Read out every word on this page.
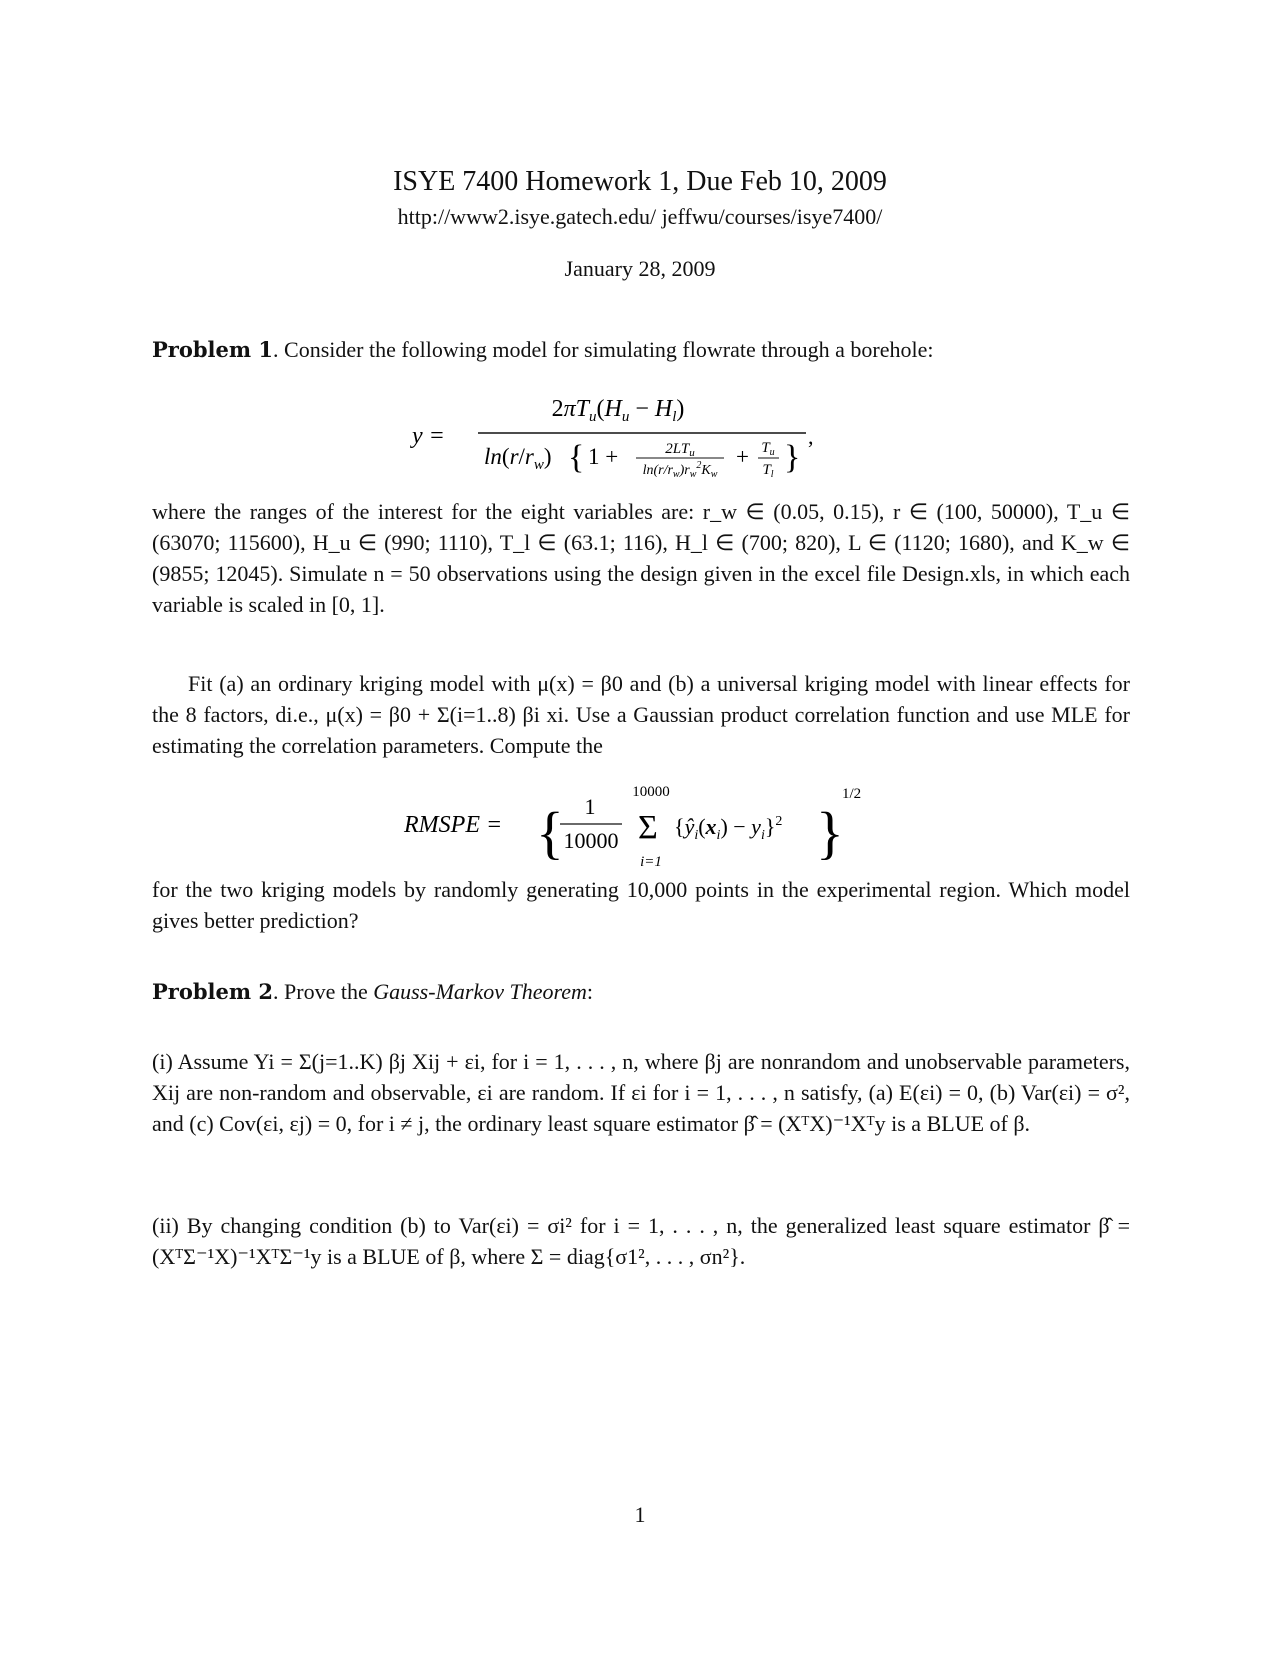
ISYE 7400 Homework 1, Due Feb 10, 2009
http://www2.isye.gatech.edu/ jeffwu/courses/isye7400/
January 28, 2009

Problem 1. Consider the following model for simulating flowrate through a borehole:

y =
$2\pi T_u(H_u - H_l)$
$\ln(r/r_w)$ { 1 +	$2LT_u$
$\ln(r/r_w)r_w^2K_w$
+ $T_u$
$T_l$ }
,

where the ranges of the interest for the eight variables are: r_w ∈ (0.05, 0.15), r ∈ (100, 50000), T_u ∈ (63070; 115600), H_u ∈ (990; 1110), T_l ∈ (63.1; 116), H_l ∈ (700; 820), L ∈ (1120; 1680), and K_w ∈ (9855; 12045). Simulate n = 50 observations using the design given in the excel file Design.xls, in which each variable is scaled in [0, 1].

Fit (a) an ordinary kriging model with μ(x) = β0 and (b) a universal kriging model with linear effects for the 8 factors, di.e., μ(x) = β0 + Σ(i=1..8) βi xi. Use a Gaussian product correlation function and use MLE for estimating the correlation parameters. Compute the

RMSPE = { 1
10000
10000
Σ
i=1
$\{ŷ_i(x_i) - y_i\}^2$ }
1/2

for the two kriging models by randomly generating 10,000 points in the experimental region. Which model gives better prediction?

Problem 2. Prove the Gauss-Markov Theorem:

(i) Assume Yi = Σ(j=1..K) βj Xij + εi, for i = 1, . . . , n, where βj are nonrandom and unobservable parameters, Xij are non-random and observable, εi are random. If εi for i = 1, . . . , n satisfy, (a) E(εi) = 0, (b) Var(εi) = σ², and (c) Cov(εi, εj) = 0, for i ≠ j, the ordinary least square estimator β̂ = (XᵀX)⁻¹Xᵀy is a BLUE of β.

(ii) By changing condition (b) to Var(εi) = σi² for i = 1, . . . , n, the generalized least square estimator β̂ = (XᵀΣ⁻¹X)⁻¹XᵀΣ⁻¹y is a BLUE of β, where Σ = diag{σ1², . . . , σn²}.

1
